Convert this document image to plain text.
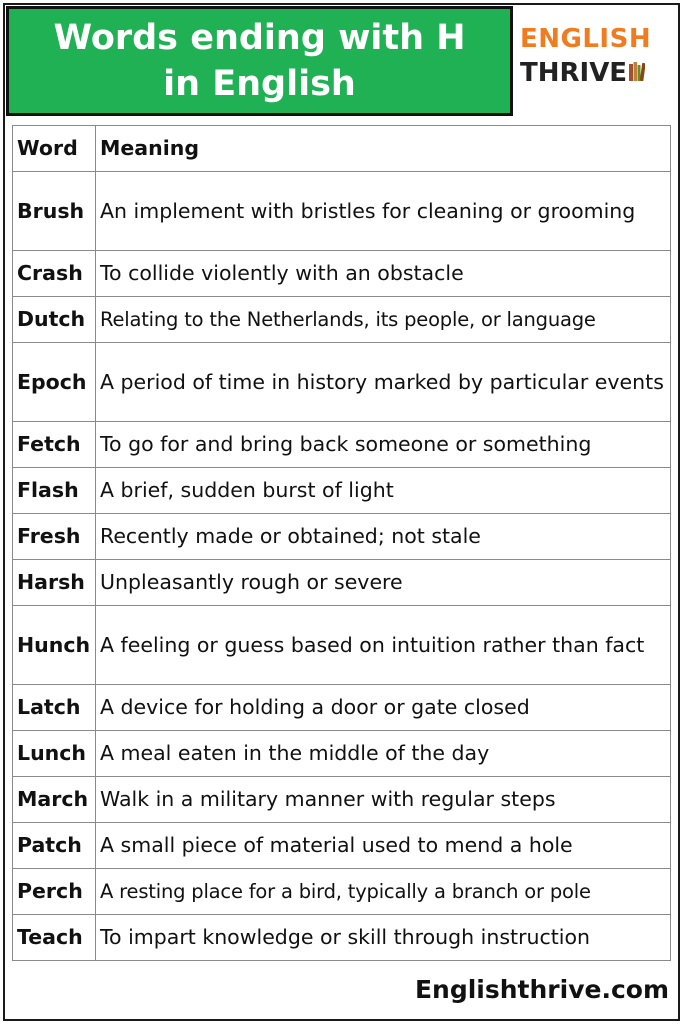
Words ending with H
in English
ENGLISH
THRIVE
Word	Meaning
Brush	An implement with bristles for cleaning or grooming
Crash	To collide violently with an obstacle
Dutch	Relating to the Netherlands, its people, or language
Epoch	A period of time in history marked by particular events
Fetch	To go for and bring back someone or something
Flash	A brief, sudden burst of light
Fresh	Recently made or obtained; not stale
Harsh	Unpleasantly rough or severe
Hunch	A feeling or guess based on intuition rather than fact
Latch	A device for holding a door or gate closed
Lunch	A meal eaten in the middle of the day
March	Walk in a military manner with regular steps
Patch	A small piece of material used to mend a hole
Perch	A resting place for a bird, typically a branch or pole
Teach	To impart knowledge or skill through instruction
Englishthrive.com
